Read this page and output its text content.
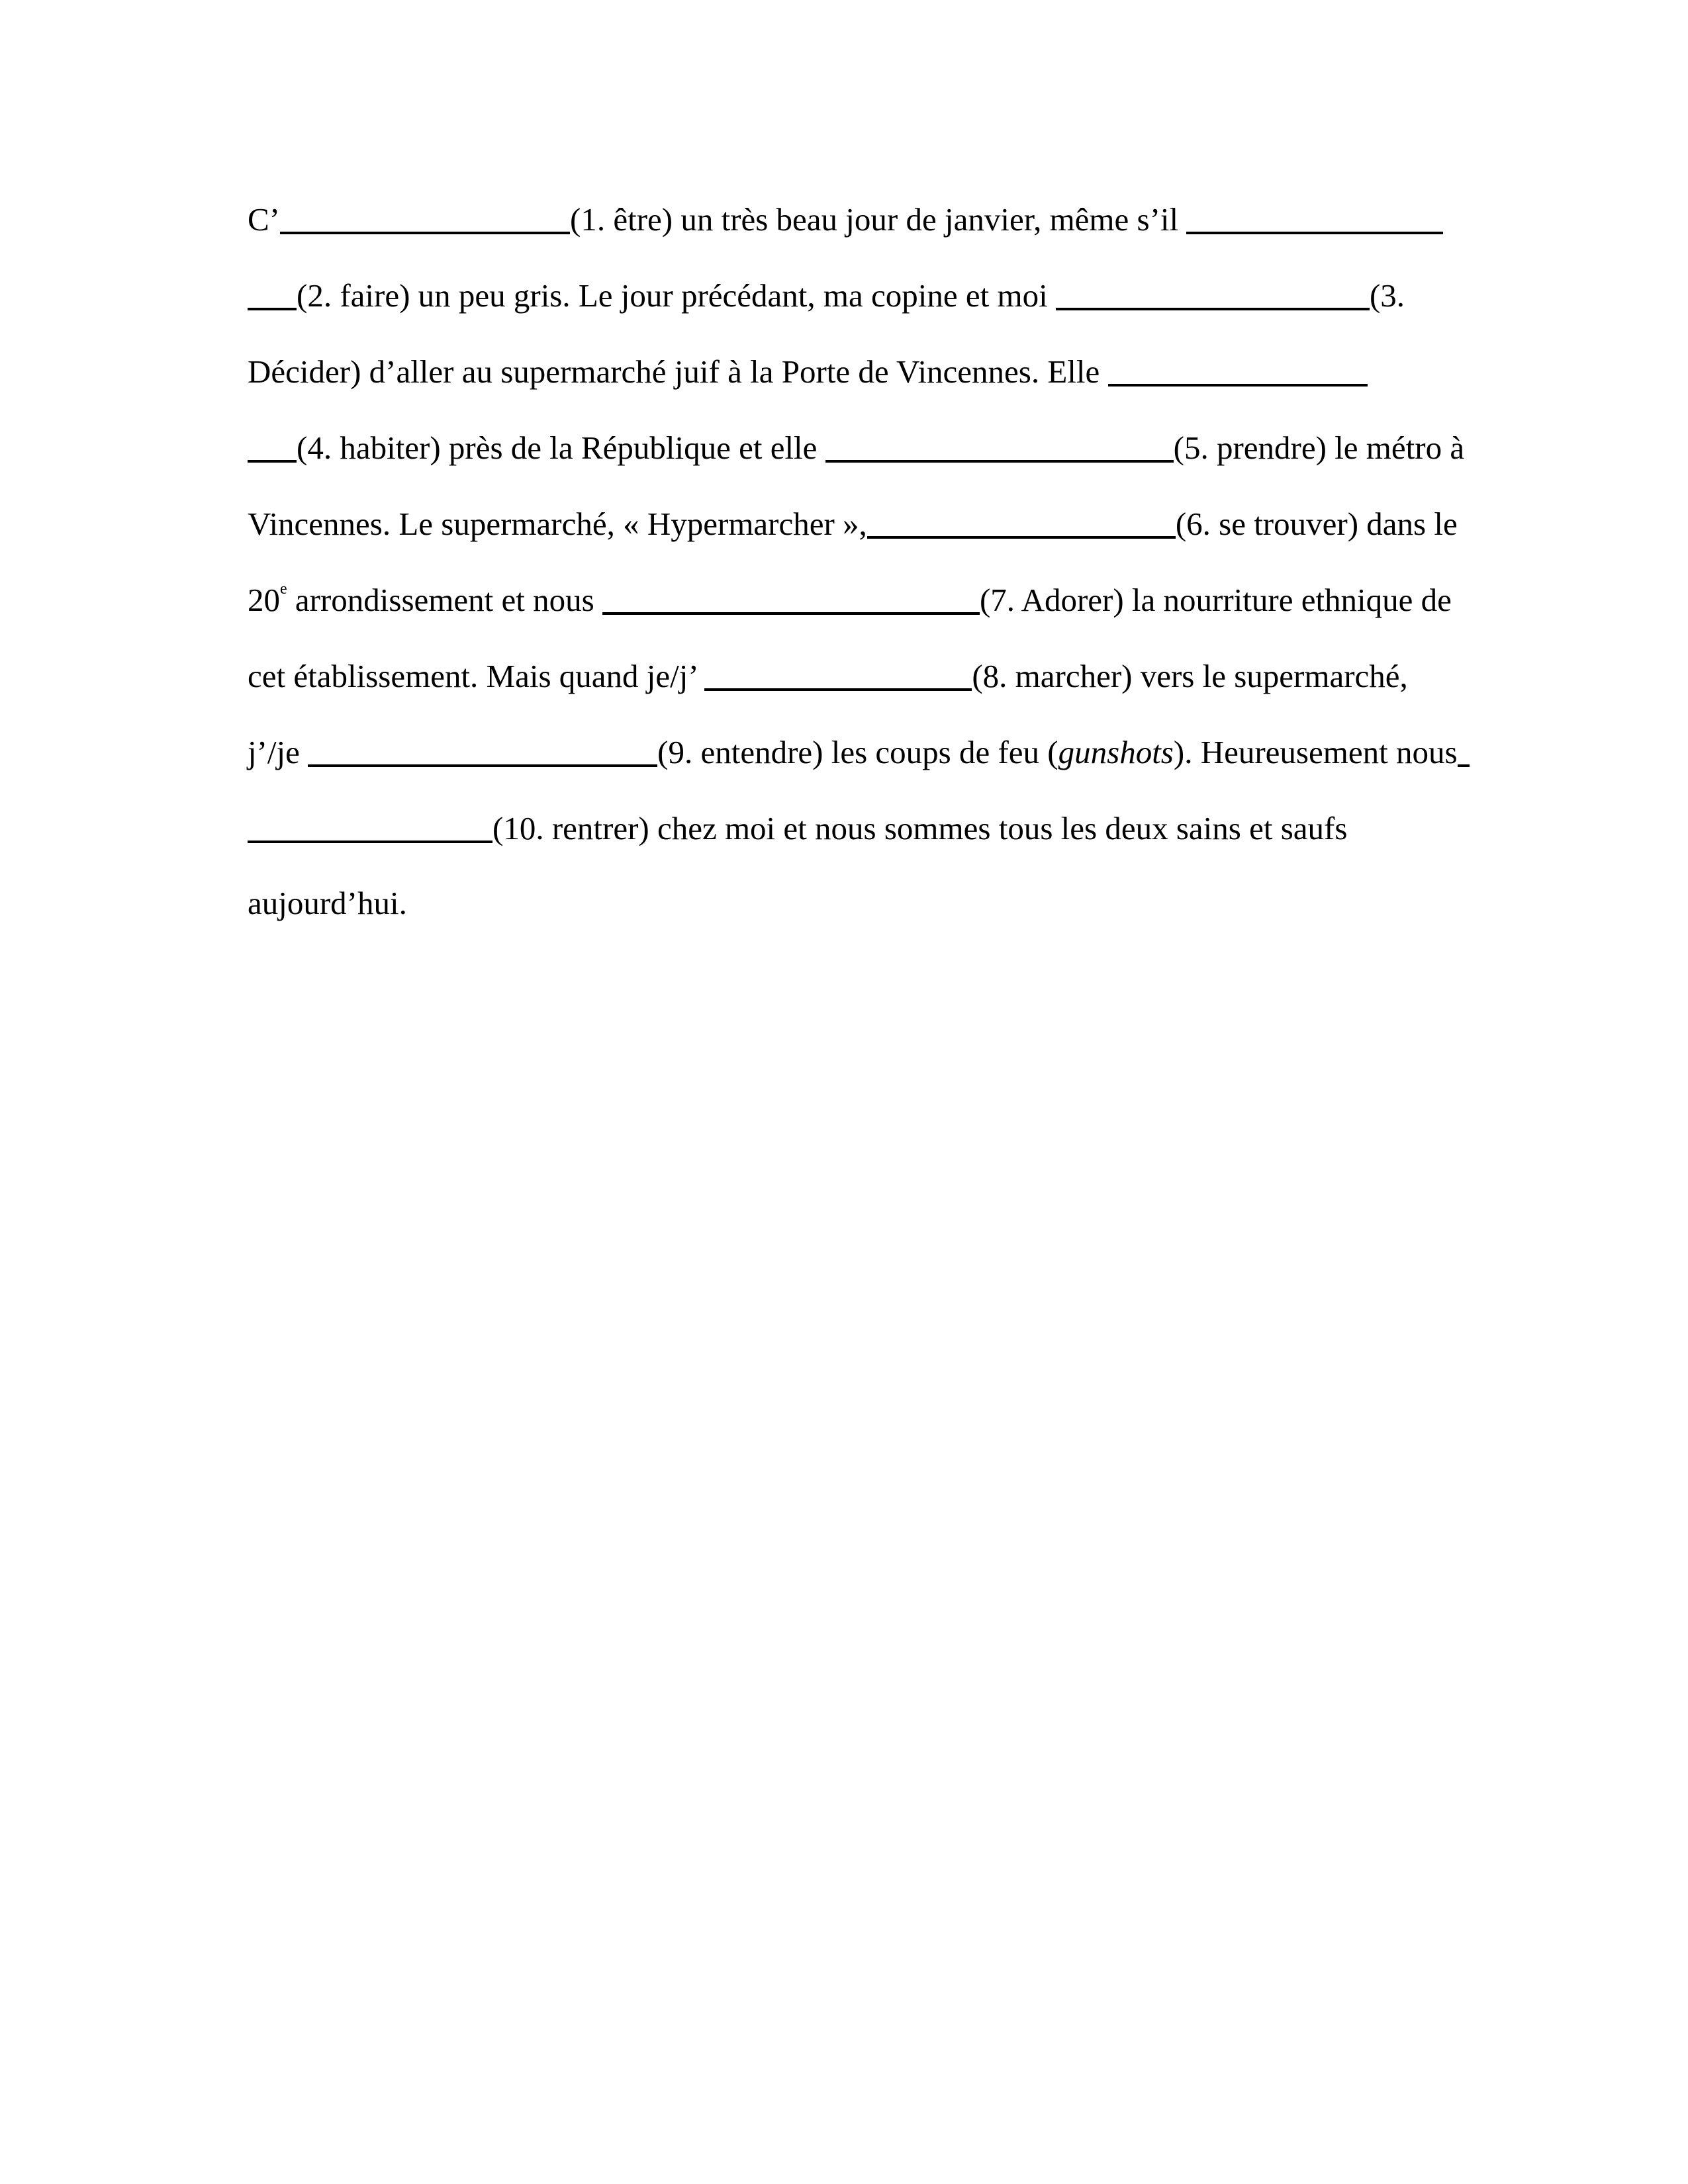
C’	(1. être) un très beau jour de janvier, même s’il
(2. faire) un peu gris. Le jour précédant, ma copine et moi	(3.
Décider) d’aller au supermarché juif à la Porte de Vincennes. Elle
(4. habiter) près de la République et elle	(5. prendre) le métro à
Vincennes. Le supermarché, « Hypermarcher »,	(6. se trouver) dans le
20e arrondissement et nous	(7. Adorer) la nourriture ethnique de
cet établissement. Mais quand je/j’	(8. marcher) vers le supermarché,
j’/je	(9. entendre) les coups de feu (gunshots). Heureusement nous
(10. rentrer) chez moi et nous sommes tous les deux sains et saufs
aujourd’hui.
